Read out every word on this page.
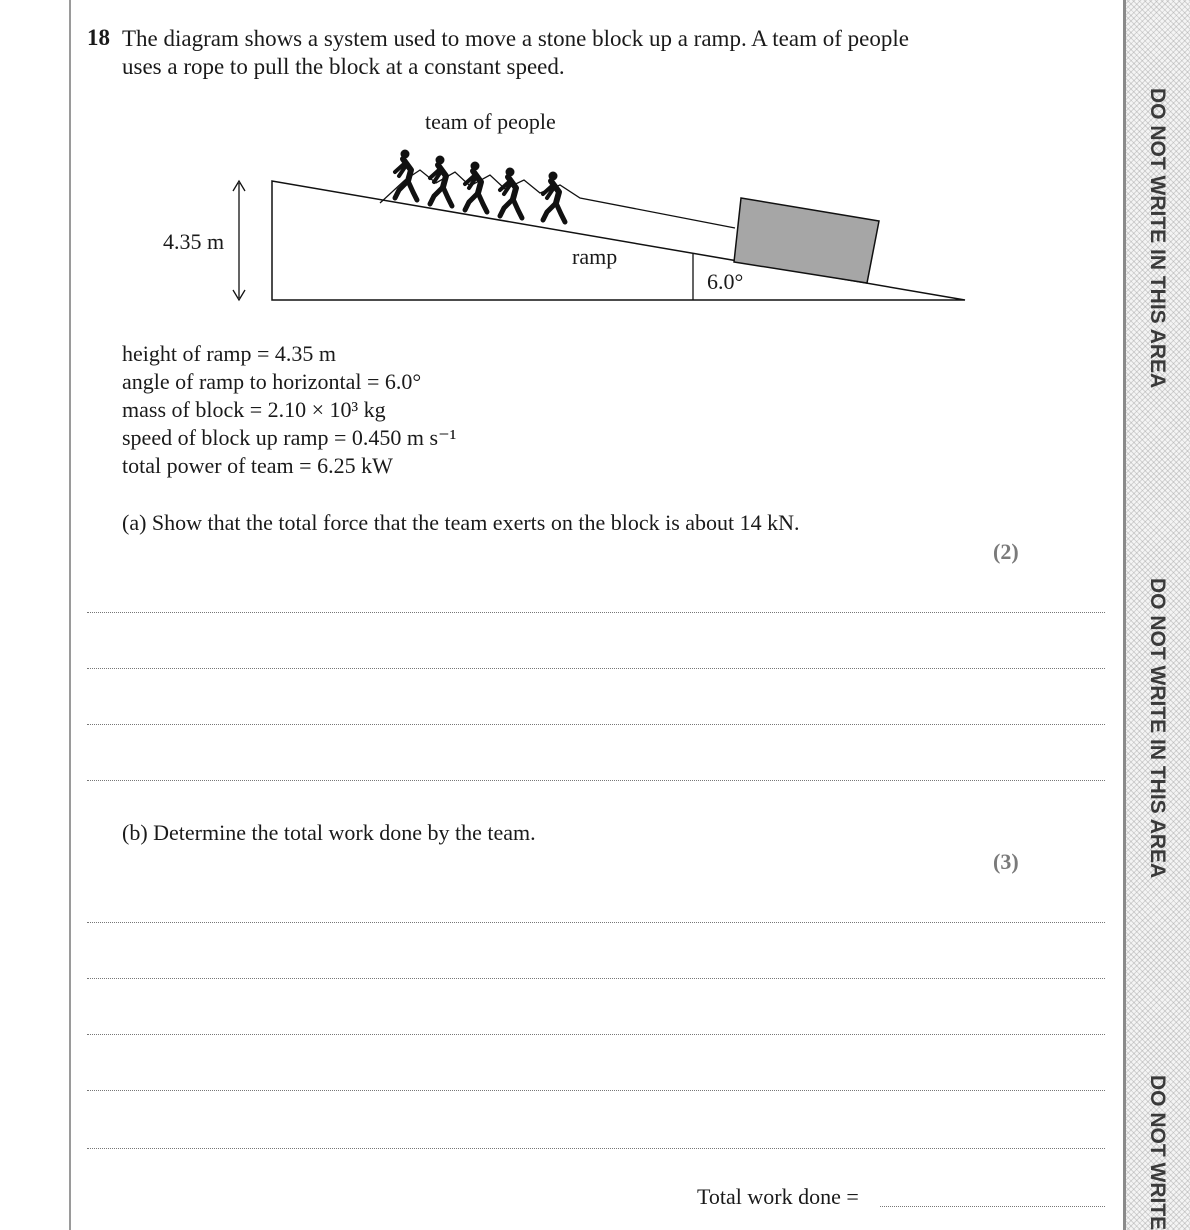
DO NOT WRITE IN THIS AREA
DO NOT WRITE IN THIS AREA
DO NOT WRITE
18 The diagram shows a system used to move a stone block up a ramp. A team of people
uses a rope to pull the block at a constant speed.
team of people
ramp
4.35 m
6.0°
height of ramp = 4.35 m
angle of ramp to horizontal = 6.0°
mass of block = 2.10 × 10³ kg
speed of block up ramp = 0.450 m s⁻¹
total power of team = 6.25 kW
(a) Show that the total force that the team exerts on the block is about 14 kN.
(2)
(b) Determine the total work done by the team.
(3)
Total work done =
